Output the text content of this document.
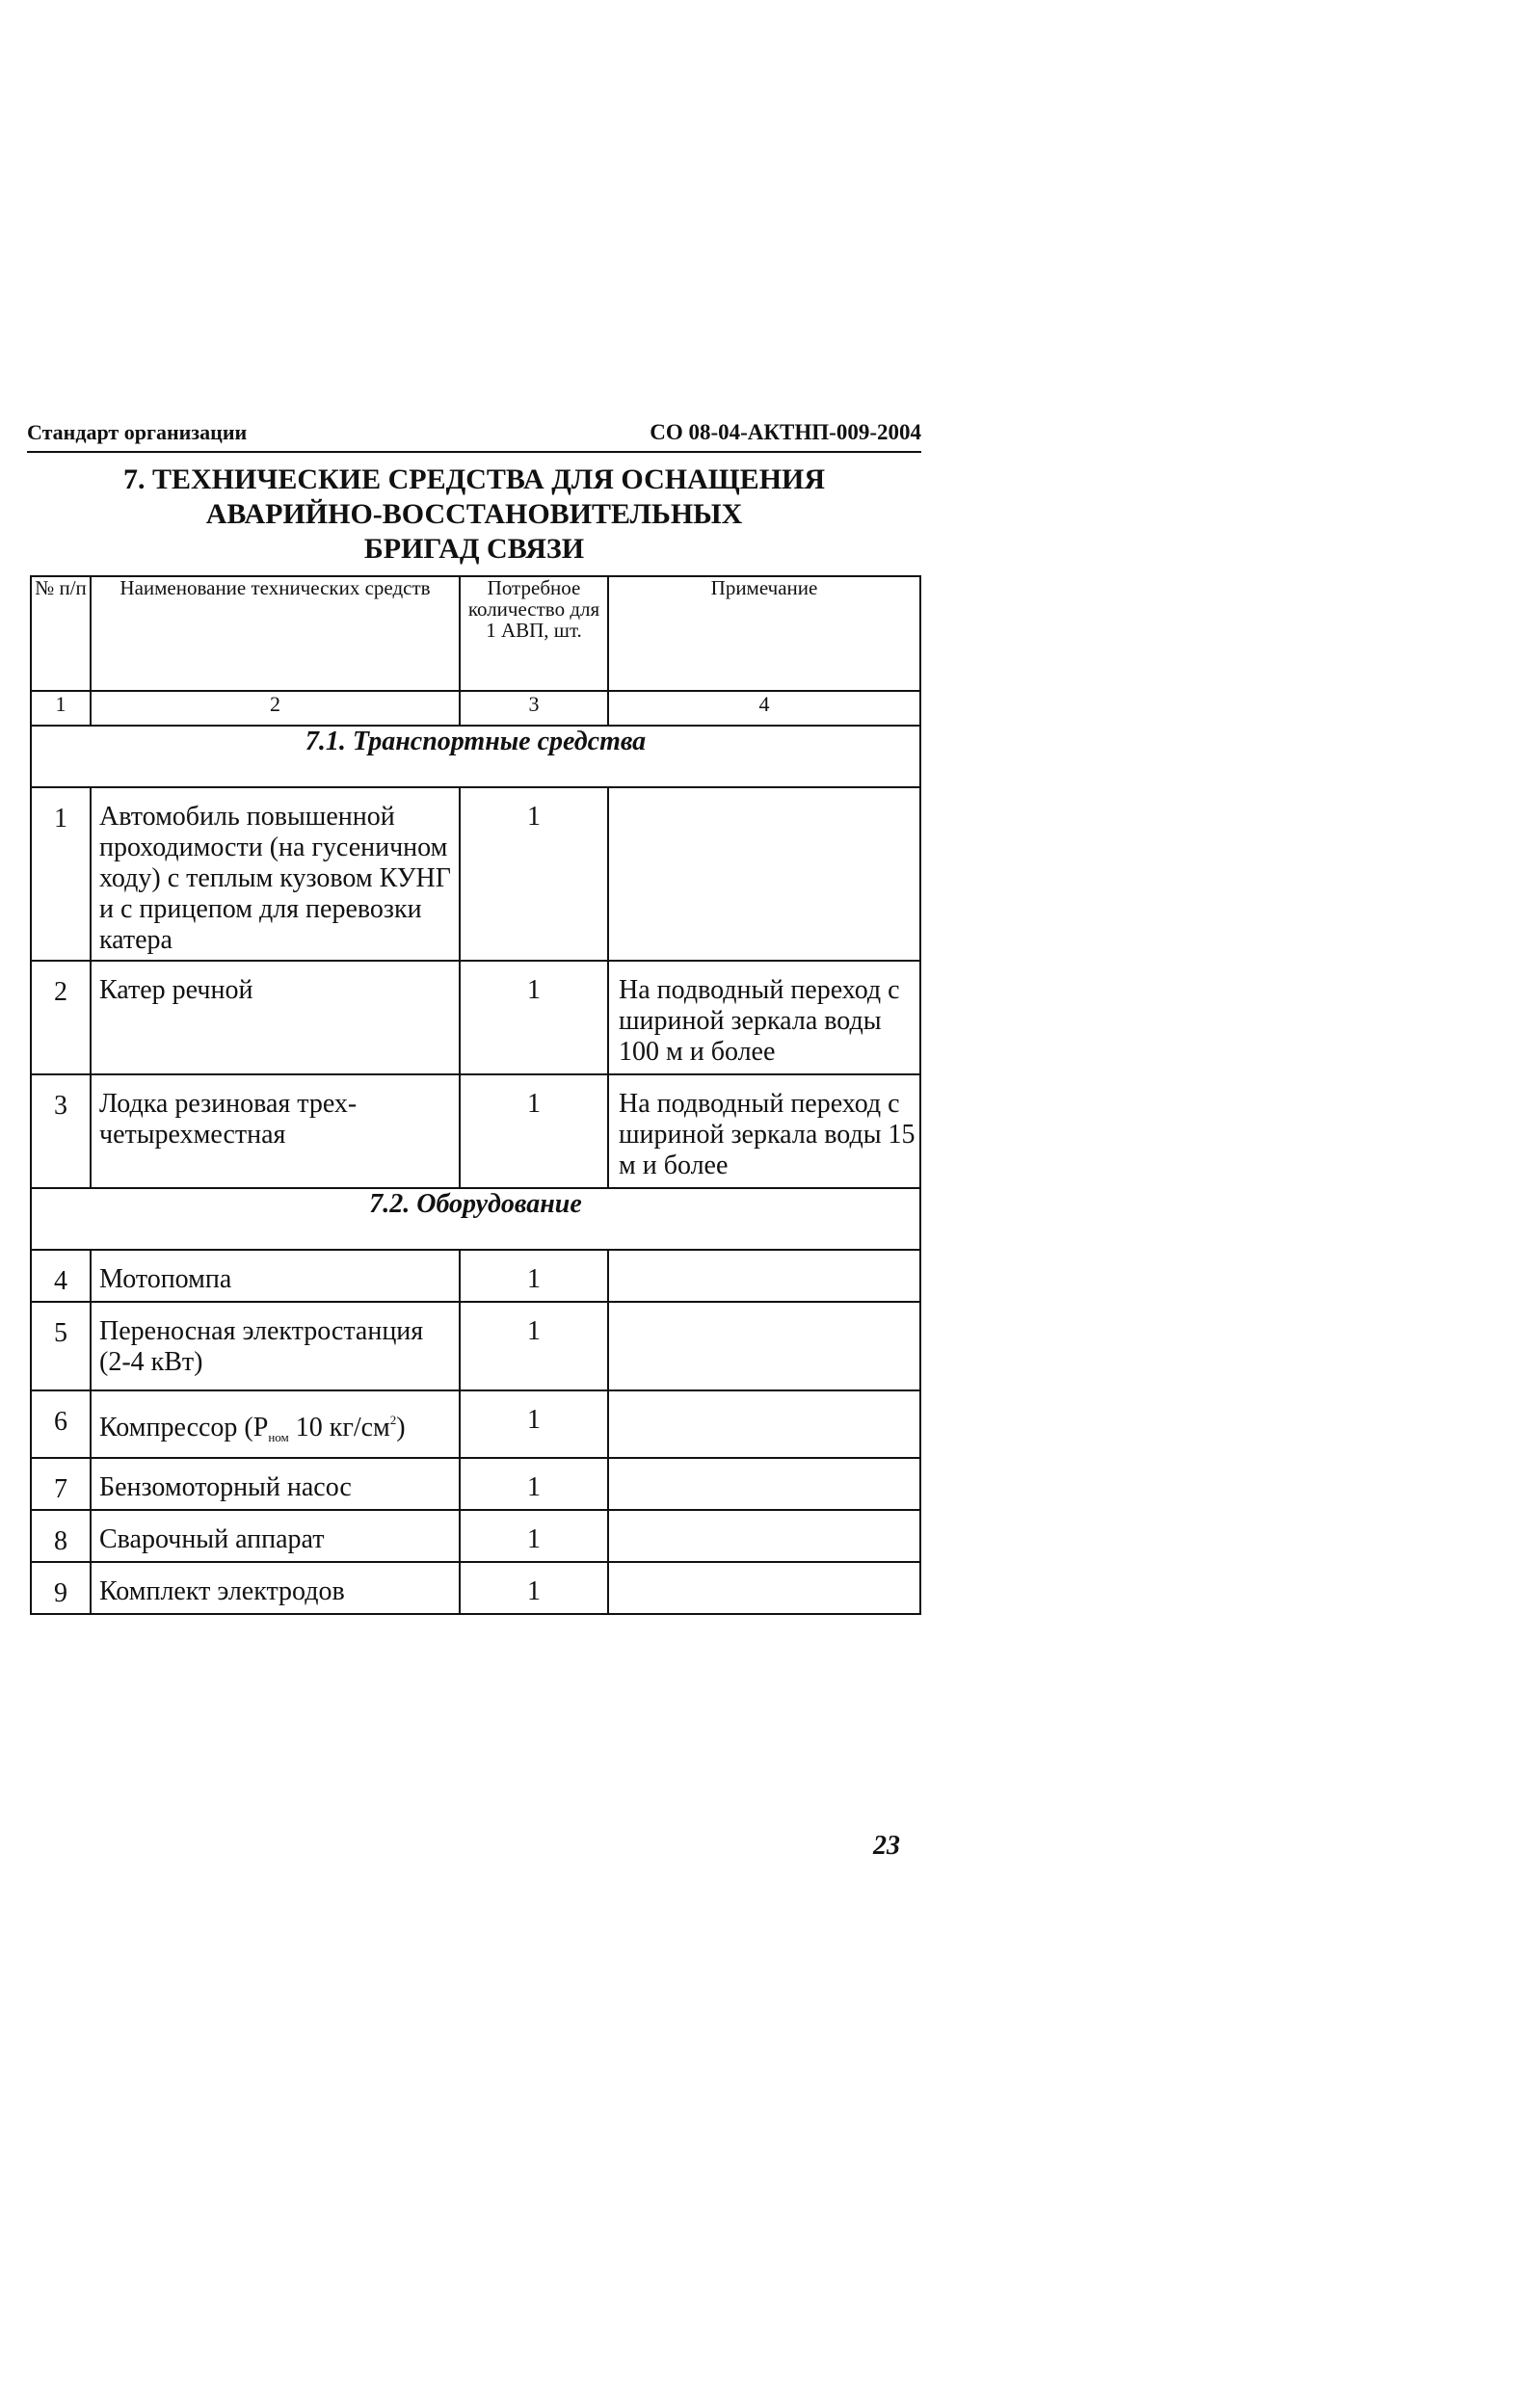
Стандарт организации	СО 08-04-АКТНП-009-2004
7. ТЕХНИЧЕСКИЕ СРЕДСТВА ДЛЯ ОСНАЩЕНИЯ
АВАРИЙНО-ВОССТАНОВИТЕЛЬНЫХ
БРИГАД СВЯЗИ
№ п/п	Наименование технических средств	Потребное количество для 1 АВП, шт.	Примечание
1	2	3	4
7.1. Транспортные средства			
1	Автомобиль повышенной проходимости (на гусеничном ходу) с теплым кузовом КУНГ и с прицепом для перевозки катера	1	
2	Катер речной	1	На подводный переход с шириной зеркала воды 100 м и более
3	Лодка резиновая трех-четырехместная	1	На подводный переход с шириной зеркала воды 15 м и более
7.2. Оборудование			
4	Мотопомпа	1	
5	Переносная электростанция (2-4 кВт)	1	
6	Компрессор ($Р_{ном}$ 10 $кг/см^2$)	1	
7	Бензомоторный насос	1	
8	Сварочный аппарат	1	
9	Комплект электродов	1	
23
